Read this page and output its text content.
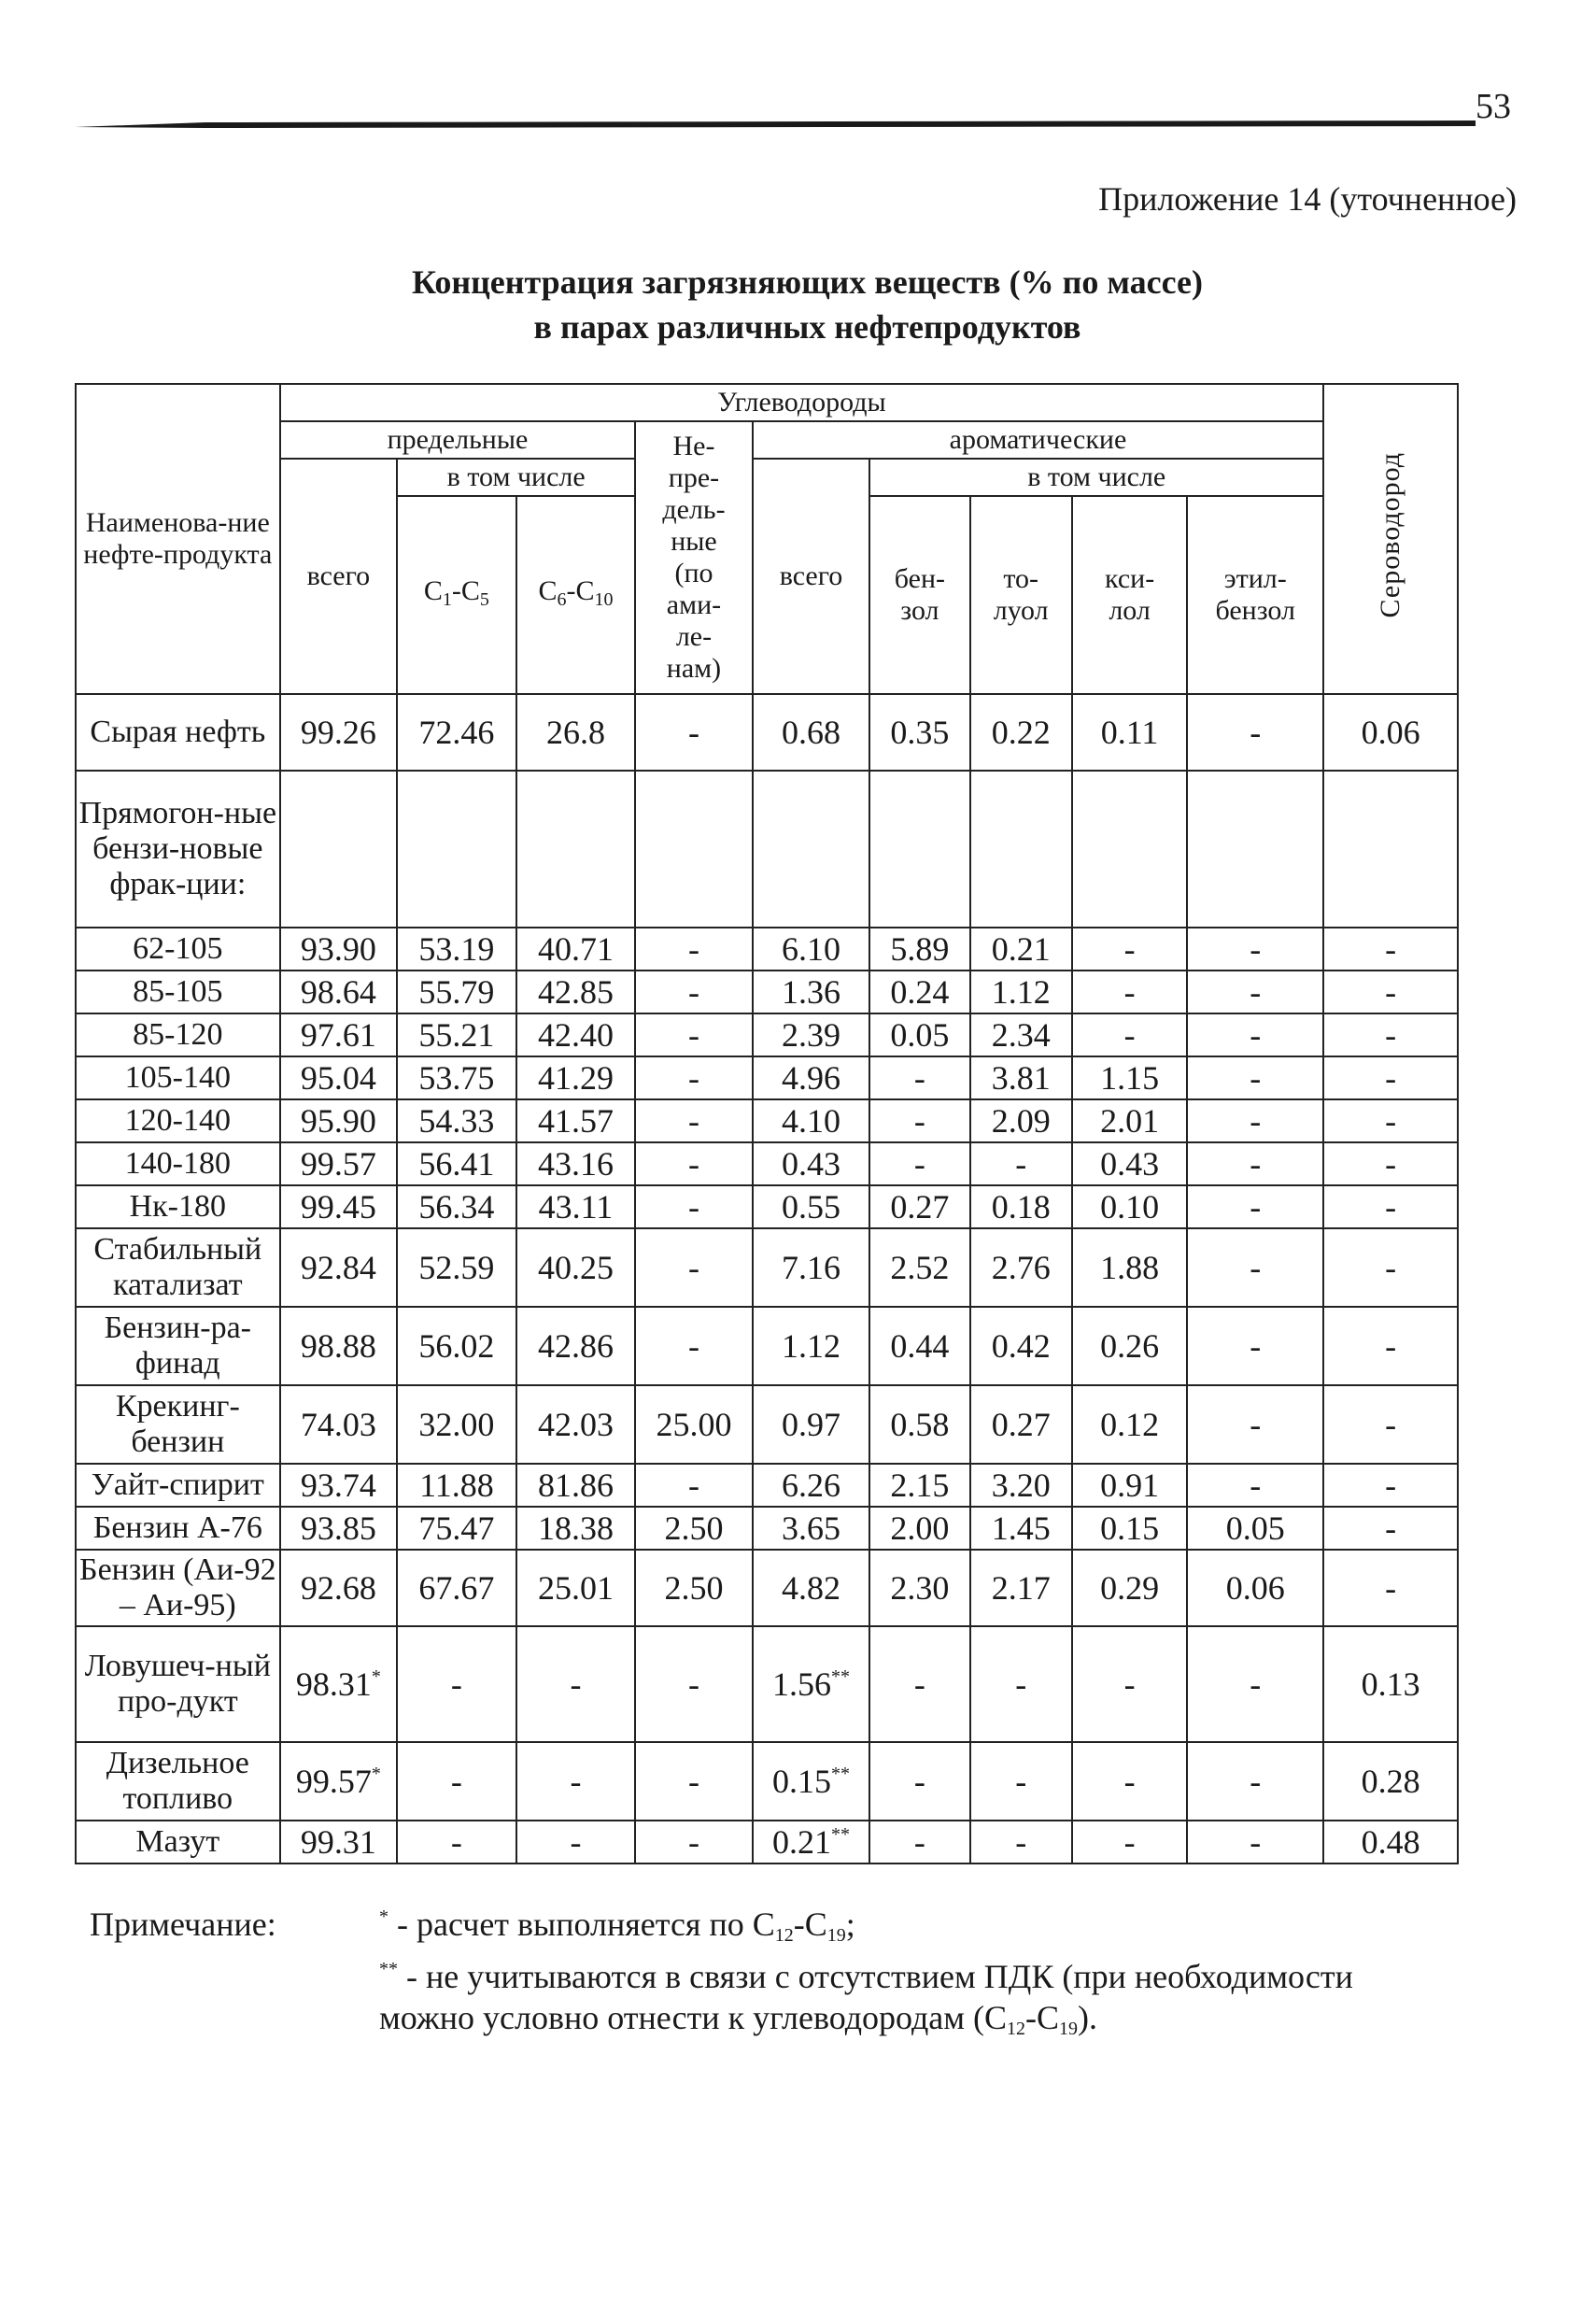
53
Приложение 14 (уточненное)
Концентрация загрязняющих веществ (% по массе)
в парах различных нефтепродуктов
Наименова-ние нефте-продукта	Углеводороды									Сероводород
	предельные			Не-пре-дель-ные (по ами-ле-нам)	ароматические					
	всего	в том числе			всего	в том числе				
		$C_1-C_5$	$C_6-C_{10}$			бен-зол	то-луол	кси-лол	этил-бензол	
Сырая нефть	99.26	72.46	26.8	-	0.68	0.35	0.22	0.11	-	0.06
Прямогон-ные бензи-новые фрак-ции:										
62-105	93.90	53.19	40.71	-	6.10	5.89	0.21	-	-	-
85-105	98.64	55.79	42.85	-	1.36	0.24	1.12	-	-	-
85-120	97.61	55.21	42.40	-	2.39	0.05	2.34	-	-	-
105-140	95.04	53.75	41.29	-	4.96	-	3.81	1.15	-	-
120-140	95.90	54.33	41.57	-	4.10	-	2.09	2.01	-	-
140-180	99.57	56.41	43.16	-	0.43	-	-	0.43	-	-
Нк-180	99.45	56.34	43.11	-	0.55	0.27	0.18	0.10	-	-
Стабильный катализат	92.84	52.59	40.25	-	7.16	2.52	2.76	1.88	-	-
Бензин-ра-финад	98.88	56.02	42.86	-	1.12	0.44	0.42	0.26	-	-
Крекинг-бензин	74.03	32.00	42.03	25.00	0.97	0.58	0.27	0.12	-	-
Уайт-спирит	93.74	11.88	81.86	-	6.26	2.15	3.20	0.91	-	-
Бензин А-76	93.85	75.47	18.38	2.50	3.65	2.00	1.45	0.15	0.05	-
Бензин (Аи-92 – Аи-95)	92.68	67.67	25.01	2.50	4.82	2.30	2.17	0.29	0.06	-
Ловушеч-ный про-дукт	98.31*	-	-	-	1.56**	-	-	-	-	0.13
Дизельное топливо	99.57*	-	-	-	0.15**	-	-	-	-	0.28
Мазут	99.31	-	-	-	0.21**	-	-	-	-	0.48
Примечание:	* - расчет выполняется по $C_{12}-C_{19}$;
** - не учитываются в связи с отсутствием ПДК (при необходимости можно условно отнести к углеводородам $(C_{12}-C_{19})$.
